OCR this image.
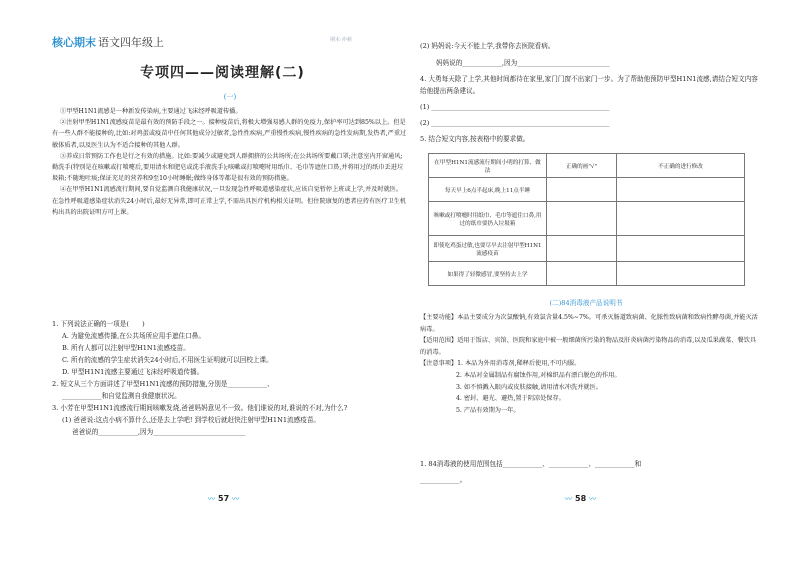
核心期末 语文四年级上	期末·冲刺
专项四——阅读理解(二)
(一)

①甲型H1N1流感是一种新发传染病,主要通过飞沫经呼吸道传播。

②注射甲型H1N1流感疫苗是最有效的预防手段之一。接种疫苗后,将极大增强易感人群的免疫力,保护率可达到85%以上。但是有一些人群不能接种的,比如:对鸡蛋或疫苗中任何其他成分过敏者,急性性疾病,严重慢性疾病,慢性疾病的急性发病期,发热者,严重过敏体质者,以及医生认为不适合接种的其他人群。

③养成日常预防工作也是行之有效的措施。比如:要减少或避免到人群拥挤的公共场所;在公共场所要戴口罩;注意室内开窗通风;勤洗手(特别是在咳嗽或打喷嚏后,要用清水和肥皂或洗手液洗手);咳嗽或打喷嚏时用纸巾、毛巾等遮住口鼻,并将用过的纸巾丢进垃圾箱;不随地吐痰;保证充足的营养和9至10小时睡眠;做终身体等都是很有效的预防措施。

④在甲型H1N1流感流行期间,要自觉监测自我健康状况,一旦发现急性呼吸道感染症状,应该自觉暂停上班或上学,并及时就医。在急性呼吸道感染症状消失24小时后,最好无异常,即可正常上学,不需出具医疗机构相关证明。但住院康复的患者应持有医疗卫生机构出具的出院证明方可上课。

1. 下列说法正确的一项是(　　)

A. 为避免流感传播,在公共场所应用手遮住口鼻。

B. 所有人都可以注射甲型H1N1流感疫苗。

C. 所有的流感的学生症状消失24小时后,不用医生证明就可以回校上课。

D. 甲型H1N1流感主要通过飞沫经呼吸道传播。

2. 短文从三个方面讲述了甲型H1N1流感的预防措施,分别是____________、

____________和自觉监测自我健康状况。

3. 小芳在甲型H1N1流感流行期间咳嗽发烧,爸爸妈妈意见不一致。他们谁说的对,谁说的不对,为什么?

(1) 爸爸说:这点小病不算什么,还是去上学吧! 到学校后就赶快注射甲型H1N1流感疫苗。

爸爸说的____________,因为____________________________

〰 57 〰

(2) 妈妈说:今天不能上学,我带你去医院看病。

妈妈说的____________,因为____________________________

4. 大勇每天除了上学,其他时间都待在家里,家门门窗不出家门一步。为了帮助他预防甲型H1N1流感,请结合短文内容给他提出两条建议。

(1) ______________________________________________________

(2) ______________________________________________________

5. 结合短文内容,按表格中的要求做。

在甲型H1N1流感流行期间小明的打算、做法	正确的画"√"	不正确的进行修改
每天早上6点半起床,晚上11点半睡		
咳嗽或打喷嚏时用纸巾、毛巾等遮住口鼻,用过的纸巾要扔入垃圾箱		
即使吃鸡蛋过敏,也要尽早去注射甲型H1N1流感疫苗		
如果得了轻微感冒,要坚持去上学		
(二)84消毒液产品说明书

【主要功能】本品主要成分为次氯酸钠,有效氯含量4.5%~7%。可杀灭肠道致病菌、化脓性致病菌和致病性酵母菌,并能灭活病毒。

【适用范围】适用于饭店、宾馆、医院和家庭中被一般细菌所污染的物品及肝炎病菌污染物品的消毒,以及瓜果蔬菜、餐饮具的消毒。

【注意事项】1. 本品为外用消毒剂,稀释后使用,不可内服。

2. 本品对金属制品有腐蚀作用,对棉织品有漂白脱色的作用。

3. 如不慎溅入眼内或皮肤接触,请用清水冲洗并就医。

4. 密封、避光、避热,置于阴凉处保存。

5. 产品有效期为一年。

1. 84消毒液的使用范围包括____________、____________、____________和

____________。

〰 58 〰
